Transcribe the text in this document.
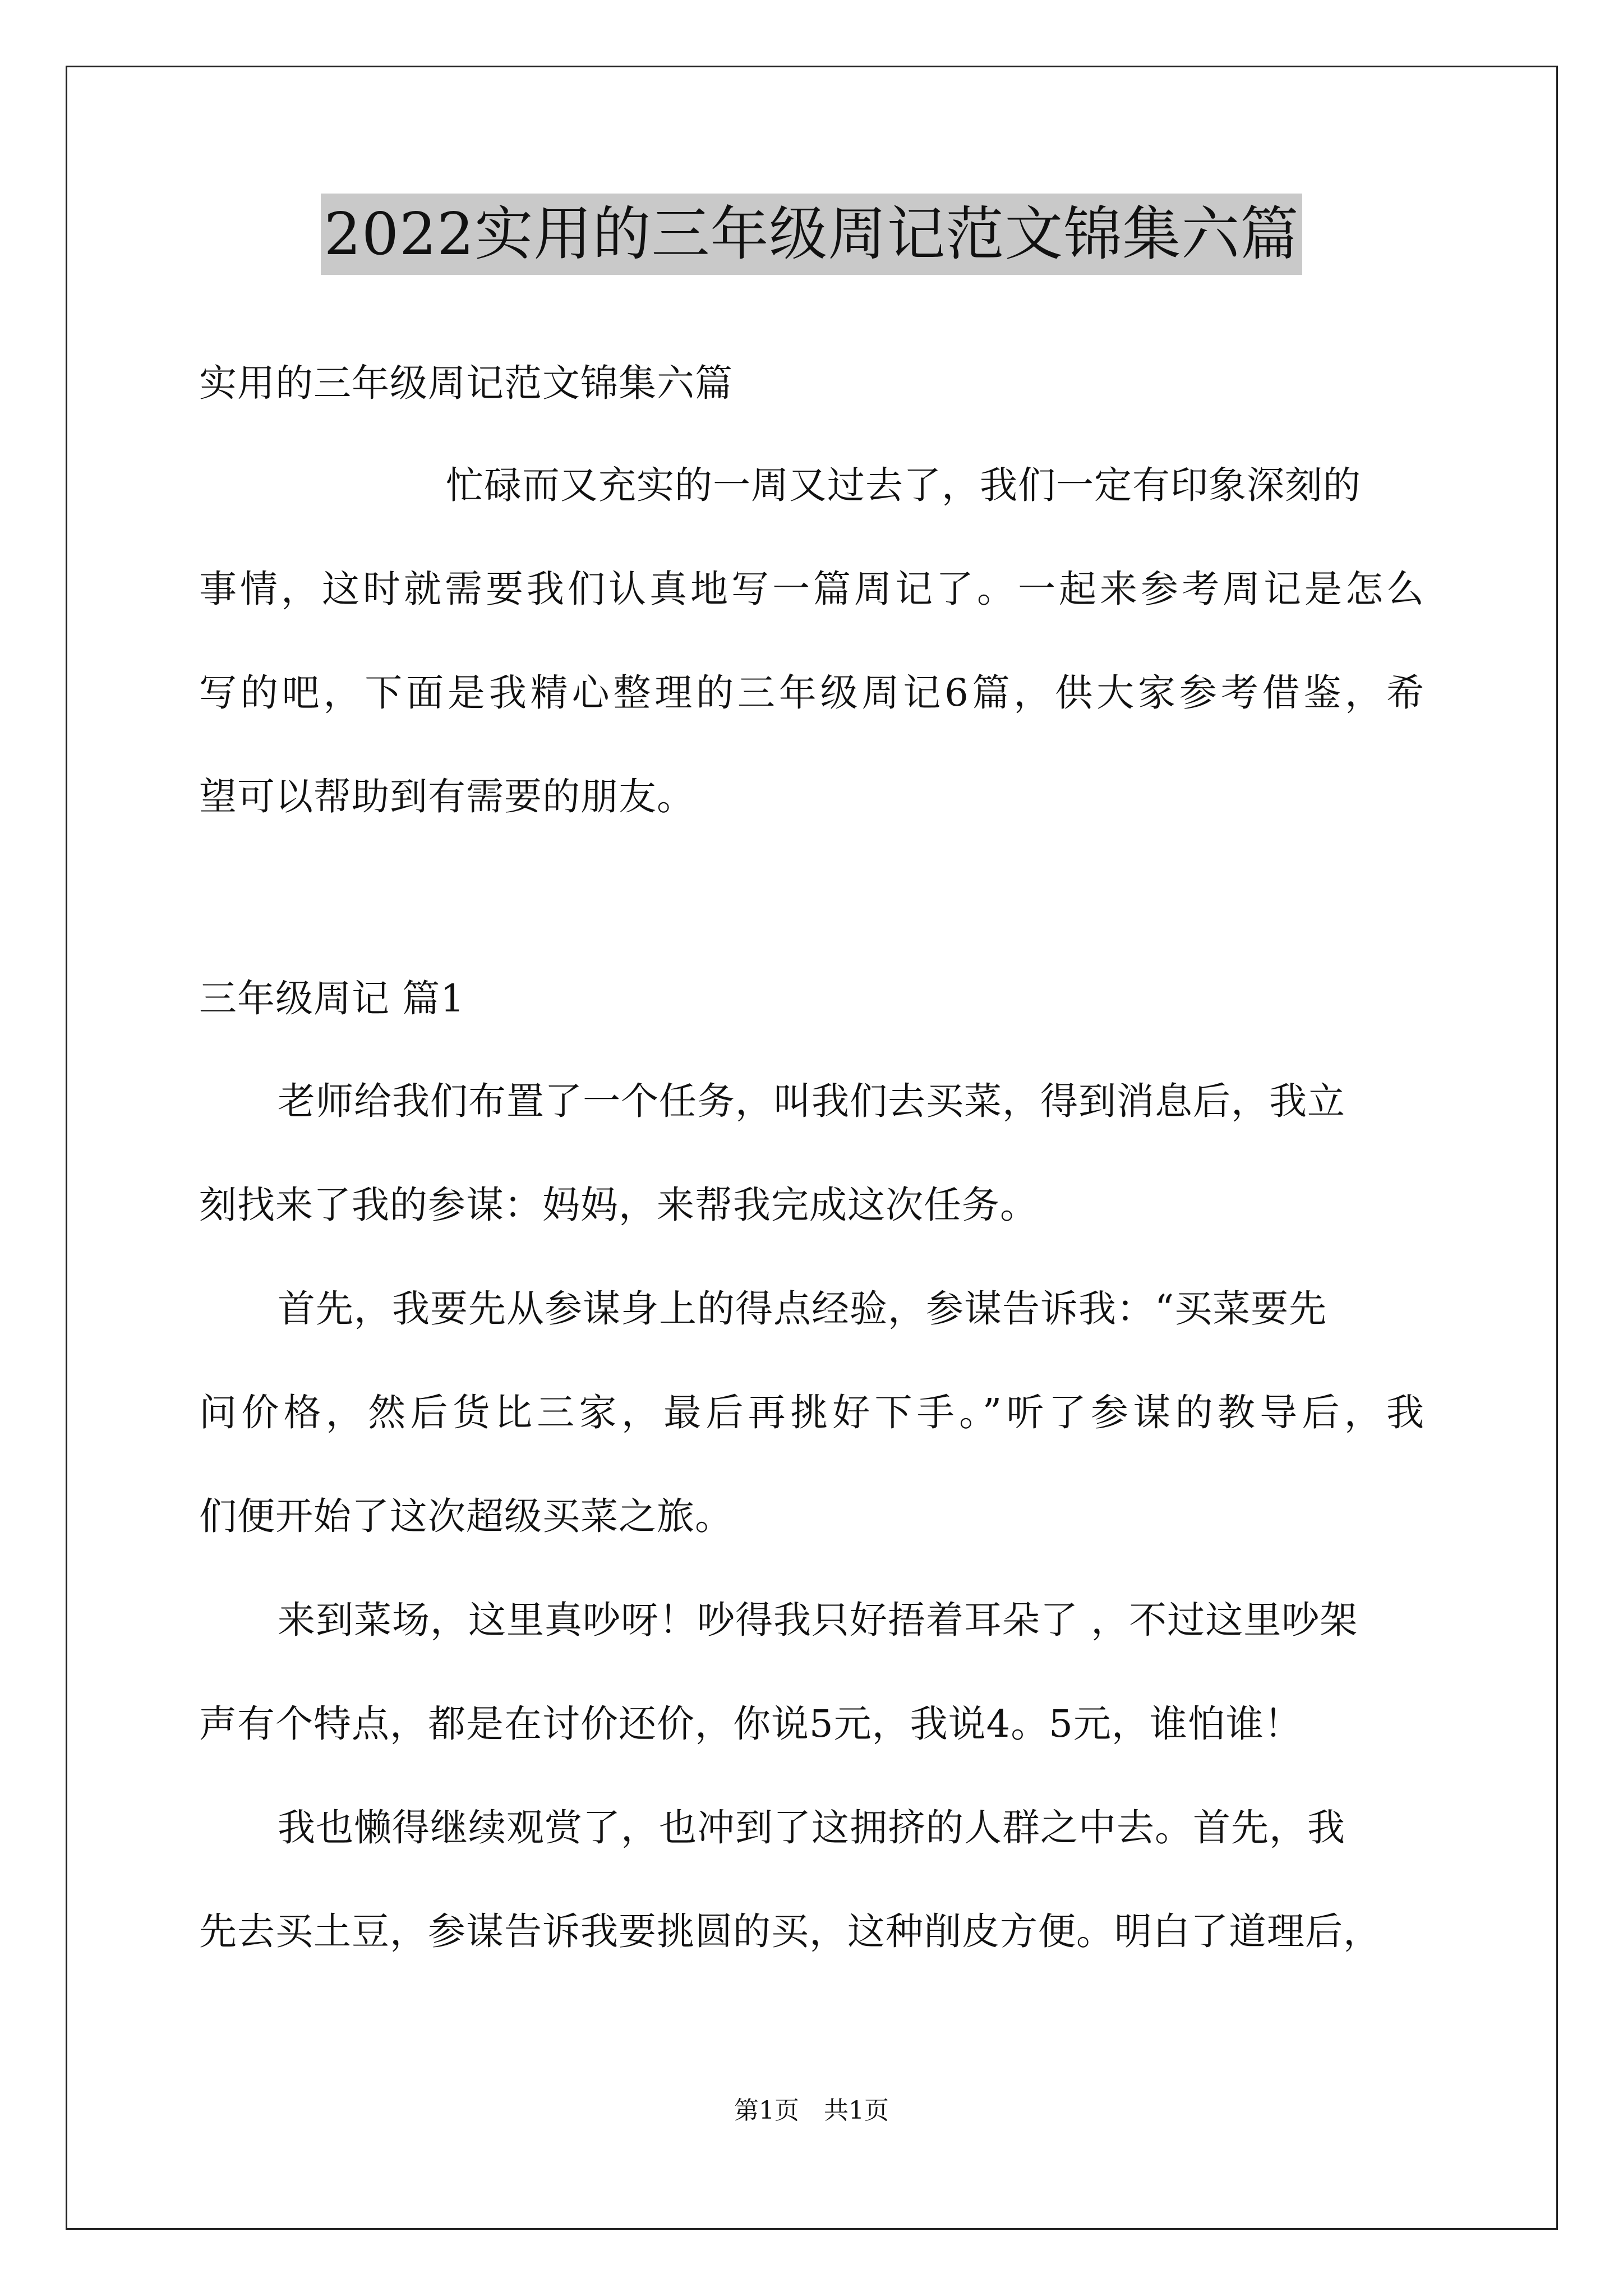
2022实用的三年级周记范文锦集六篇
实用的三年级周记范文锦集六篇
忙碌而又充实的一周又过去了，我们一定有印象深刻的
事情，这时就需要我们认真地写一篇周记了。一起来参考周记是怎么
写的吧，下面是我精心整理的三年级周记6篇，供大家参考借鉴，希
望可以帮助到有需要的朋友。
三年级周记 篇1
老师给我们布置了一个任务，叫我们去买菜，得到消息后，我立
刻找来了我的参谋：妈妈，来帮我完成这次任务。
首先，我要先从参谋身上的得点经验，参谋告诉我：“买菜要先
问价格，然后货比三家，最后再挑好下手。”听了参谋的教导后，我
们便开始了这次超级买菜之旅。
来到菜场，这里真吵呀！吵得我只好捂着耳朵了 ，不过这里吵架
声有个特点，都是在讨价还价，你说5元，我说4。5元，谁怕谁！
我也懒得继续观赏了，也冲到了这拥挤的人群之中去。首先，我
先去买土豆，参谋告诉我要挑圆的买，这种削皮方便。明白了道理后，
第1页　共1页
